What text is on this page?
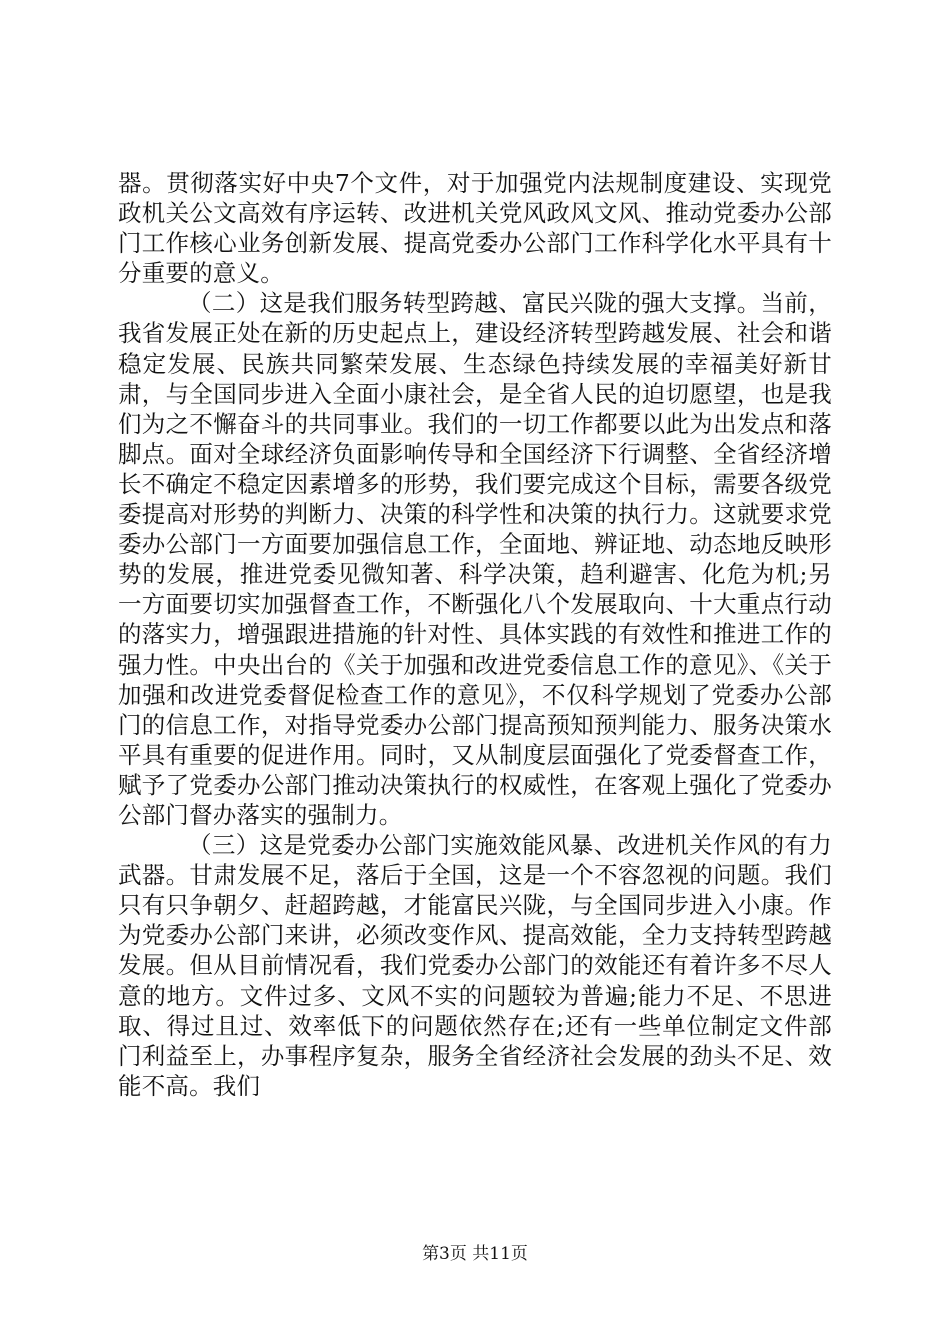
器。贯彻落实好中央7个文件，对于加强党内法规制度建设、实现党政机关公文高效有序运转、改进机关党风政风文风、推动党委办公部门工作核心业务创新发展、提高党委办公部门工作科学化水平具有十分重要的意义。

（二）这是我们服务转型跨越、富民兴陇的强大支撑。当前，我省发展正处在新的历史起点上，建设经济转型跨越发展、社会和谐稳定发展、民族共同繁荣发展、生态绿色持续发展的幸福美好新甘肃，与全国同步进入全面小康社会，是全省人民的迫切愿望，也是我们为之不懈奋斗的共同事业。我们的一切工作都要以此为出发点和落脚点。面对全球经济负面影响传导和全国经济下行调整、全省经济增长不确定不稳定因素增多的形势，我们要完成这个目标，需要各级党委提高对形势的判断力、决策的科学性和决策的执行力。这就要求党委办公部门一方面要加强信息工作，全面地、辨证地、动态地反映形势的发展，推进党委见微知著、科学决策，趋利避害、化危为机;另一方面要切实加强督查工作，不断强化八个发展取向、十大重点行动的落实力，增强跟进措施的针对性、具体实践的有效性和推进工作的强力性。中央出台的《关于加强和改进党委信息工作的意见》、《关于加强和改进党委督促检查工作的意见》，不仅科学规划了党委办公部门的信息工作，对指导党委办公部门提高预知预判能力、服务决策水平具有重要的促进作用。同时，又从制度层面强化了党委督查工作，赋予了党委办公部门推动决策执行的权威性，在客观上强化了党委办公部门督办落实的强制力。

（三）这是党委办公部门实施效能风暴、改进机关作风的有力武器。甘肃发展不足，落后于全国，这是一个不容忽视的问题。我们只有只争朝夕、赶超跨越，才能富民兴陇，与全国同步进入小康。作为党委办公部门来讲，必须改变作风、提高效能，全力支持转型跨越发展。但从目前情况看，我们党委办公部门的效能还有着许多不尽人意的地方。文件过多、文风不实的问题较为普遍;能力不足、不思进取、得过且过、效率低下的问题依然存在;还有一些单位制定文件部门利益至上，办事程序复杂，服务全省经济社会发展的劲头不足、效能不高。我们

第3页 共11页
